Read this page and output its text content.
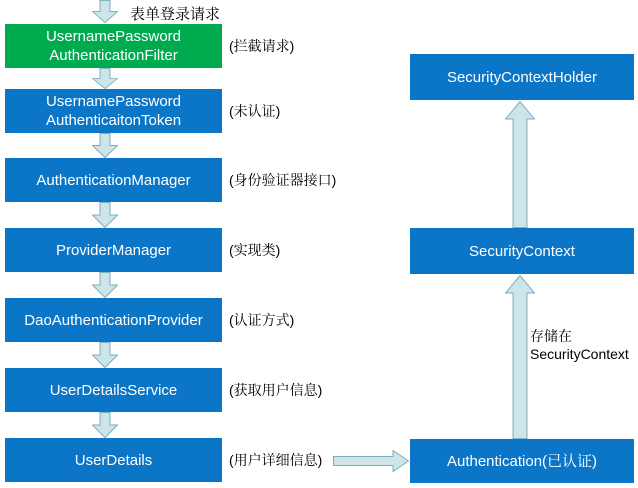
表单登录请求
UsernamePassword
AuthenticationFilter
UsernamePassword
AuthenticaitonToken
AuthenticationManager
ProviderManager
DaoAuthenticationProvider
UserDetailsService
UserDetails
(拦截请求)
(未认证)
(身份验证器接口)
(实现类)
(认证方式)
(获取用户信息)
(用户详细信息)
SecurityContextHolder
SecurityContext
Authentication(已认证)
存储在
SecurityContext
